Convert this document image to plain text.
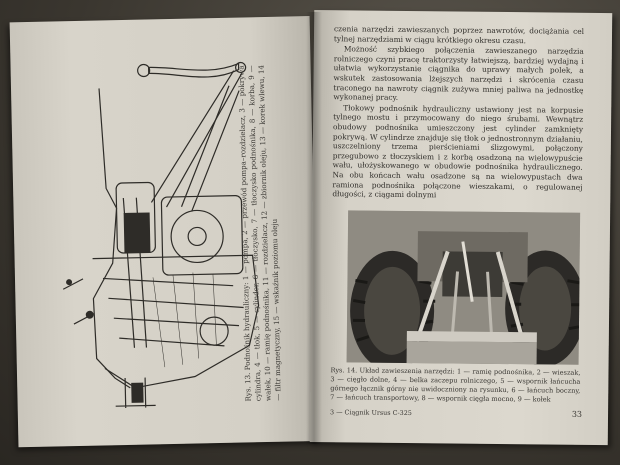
Rys. 13. Podnośnik hydrauliczny: 1 — pompa, 2 — przewód pompa–rozdzielacz, 3 — pokrywa cylindra, 4 — tłok, 5 — cylinder, 6 — tłoczysko, 7 — tłoczysko podnośnika, 8 — korba, 9 — wałek, 10 — ramię podnośnika, 11 — rozdzielacz, 12 — zbiornik oleju, 13 — korek wlewu, 14 — filtr magnetyczny, 15 — wskaźnik poziomu oleju

czenia narzędzi zawieszanych poprzez nawrotów, dociążania cel tylnej narzędziami w ciągu krótkiego okresu czasu.

Możność szybkiego połączenia zawieszanego narzędzia rolniczego czyni pracę traktorzysty łatwiejszą, bardziej wydajną i ułatwia wykorzystanie ciągnika do uprawy małych polek, a wskutek zastosowania lżejszych narzędzi i skrócenia czasu traconego na nawroty ciągnik zużywa mniej paliwa na jednostkę wykonanej pracy.

Tłokowy podnośnik hydrauliczny ustawiony jest na korpusie tylnego mostu i przymocowany do niego śrubami. Wewnątrz obudowy podnośnika umieszczony jest cylinder zamknięty pokrywą. W cylindrze znajduje się tłok o jednostronnym działaniu, uszczelniony trzema pierścieniami ślizgowymi, połączony przegubowo z tłoczyskiem i z korbą osadzoną na wielowypuście wału, ułożyskowanego w obudowie podnośnika hydraulicznego. Na obu końcach wału osadzone są na wielowypustach dwa ramiona podnośnika połączone wieszakami, o regulowanej długości, z ciągami dolnymi

Rys. 14. Układ zawieszenia narzędzi: 1 — ramię podnośnika, 2 — wieszak, 3 — cięgło dolne, 4 — belka zaczepu rolniczego, 5 — wspornik łańcucha górnego łącznik górny nie uwidoczniony na rysunku, 6 — łańcuch boczny, 7 — łańcuch transportowy, 8 — wspornik cięgła mocno, 9 — kołek
3 — Ciągnik Ursus C-325	33
